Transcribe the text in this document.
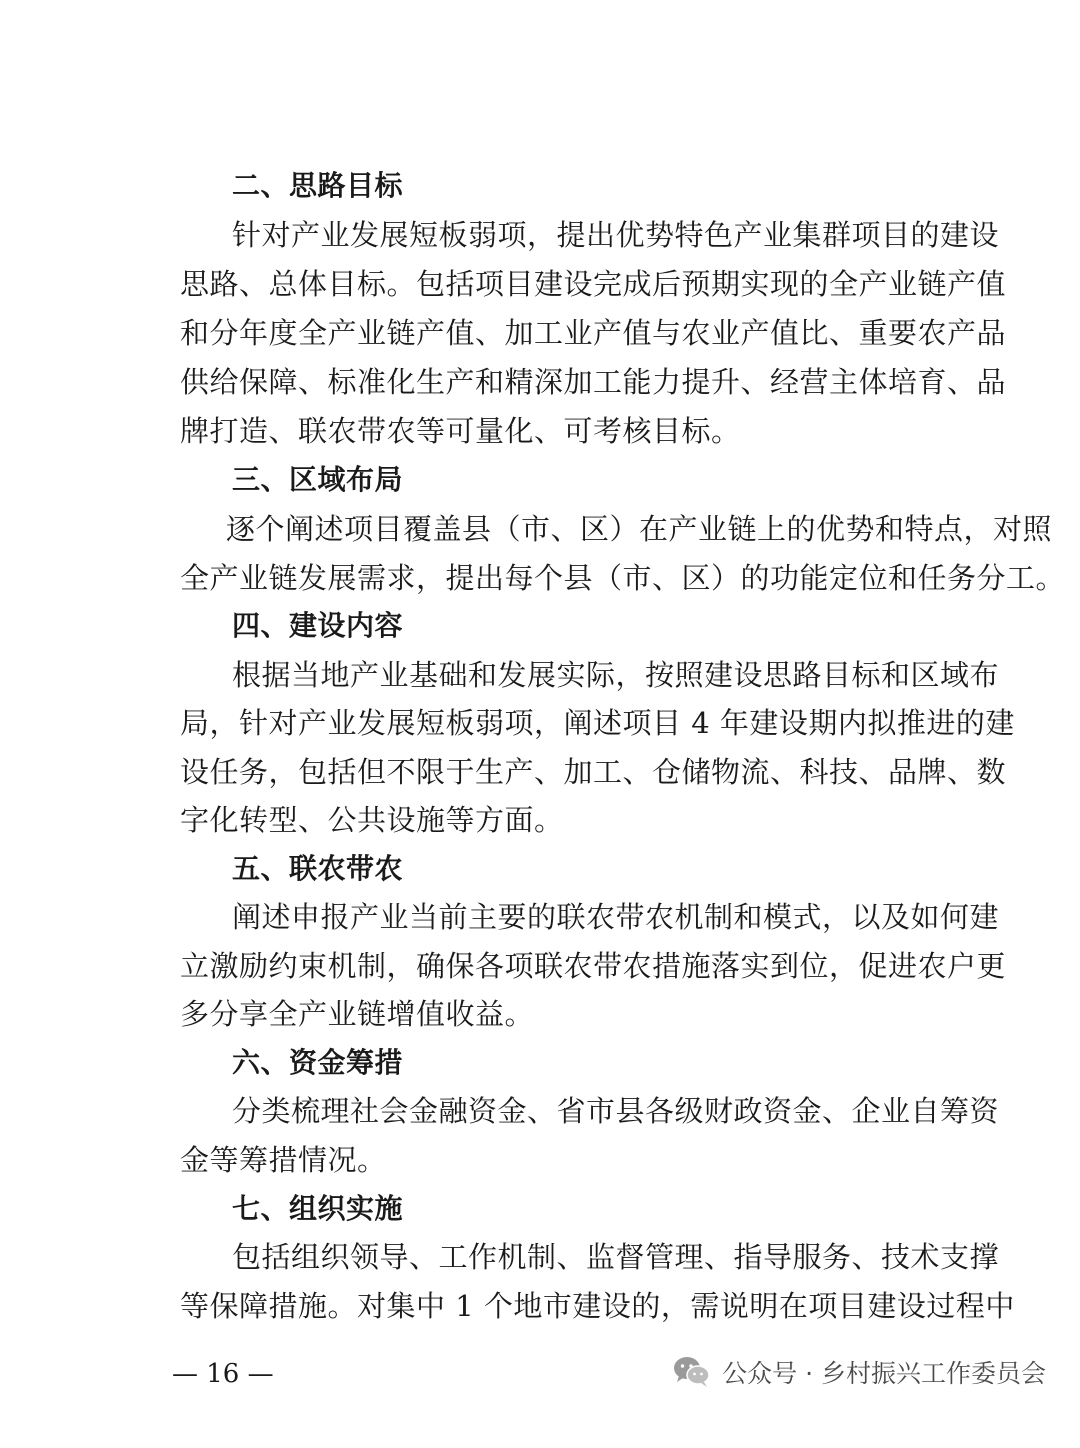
二、思路目标
针对产业发展短板弱项，提出优势特色产业集群项目的建设
思路、总体目标。包括项目建设完成后预期实现的全产业链产值
和分年度全产业链产值、加工业产值与农业产值比、重要农产品
供给保障、标准化生产和精深加工能力提升、经营主体培育、品
牌打造、联农带农等可量化、可考核目标。
三、区域布局
逐个阐述项目覆盖县（市、区）在产业链上的优势和特点，对照
全产业链发展需求，提出每个县（市、区）的功能定位和任务分工。
四、建设内容
根据当地产业基础和发展实际，按照建设思路目标和区域布
局，针对产业发展短板弱项，阐述项目 4 年建设期内拟推进的建
设任务，包括但不限于生产、加工、仓储物流、科技、品牌、数
字化转型、公共设施等方面。
五、联农带农
阐述申报产业当前主要的联农带农机制和模式，以及如何建
立激励约束机制，确保各项联农带农措施落实到位，促进农户更
多分享全产业链增值收益。
六、资金筹措
分类梳理社会金融资金、省市县各级财政资金、企业自筹资
金等筹措情况。
七、组织实施
包括组织领导、工作机制、监督管理、指导服务、技术支撑
等保障措施。对集中 1 个地市建设的，需说明在项目建设过程中
— 16 —	公众号 · 乡村振兴工作委员会
